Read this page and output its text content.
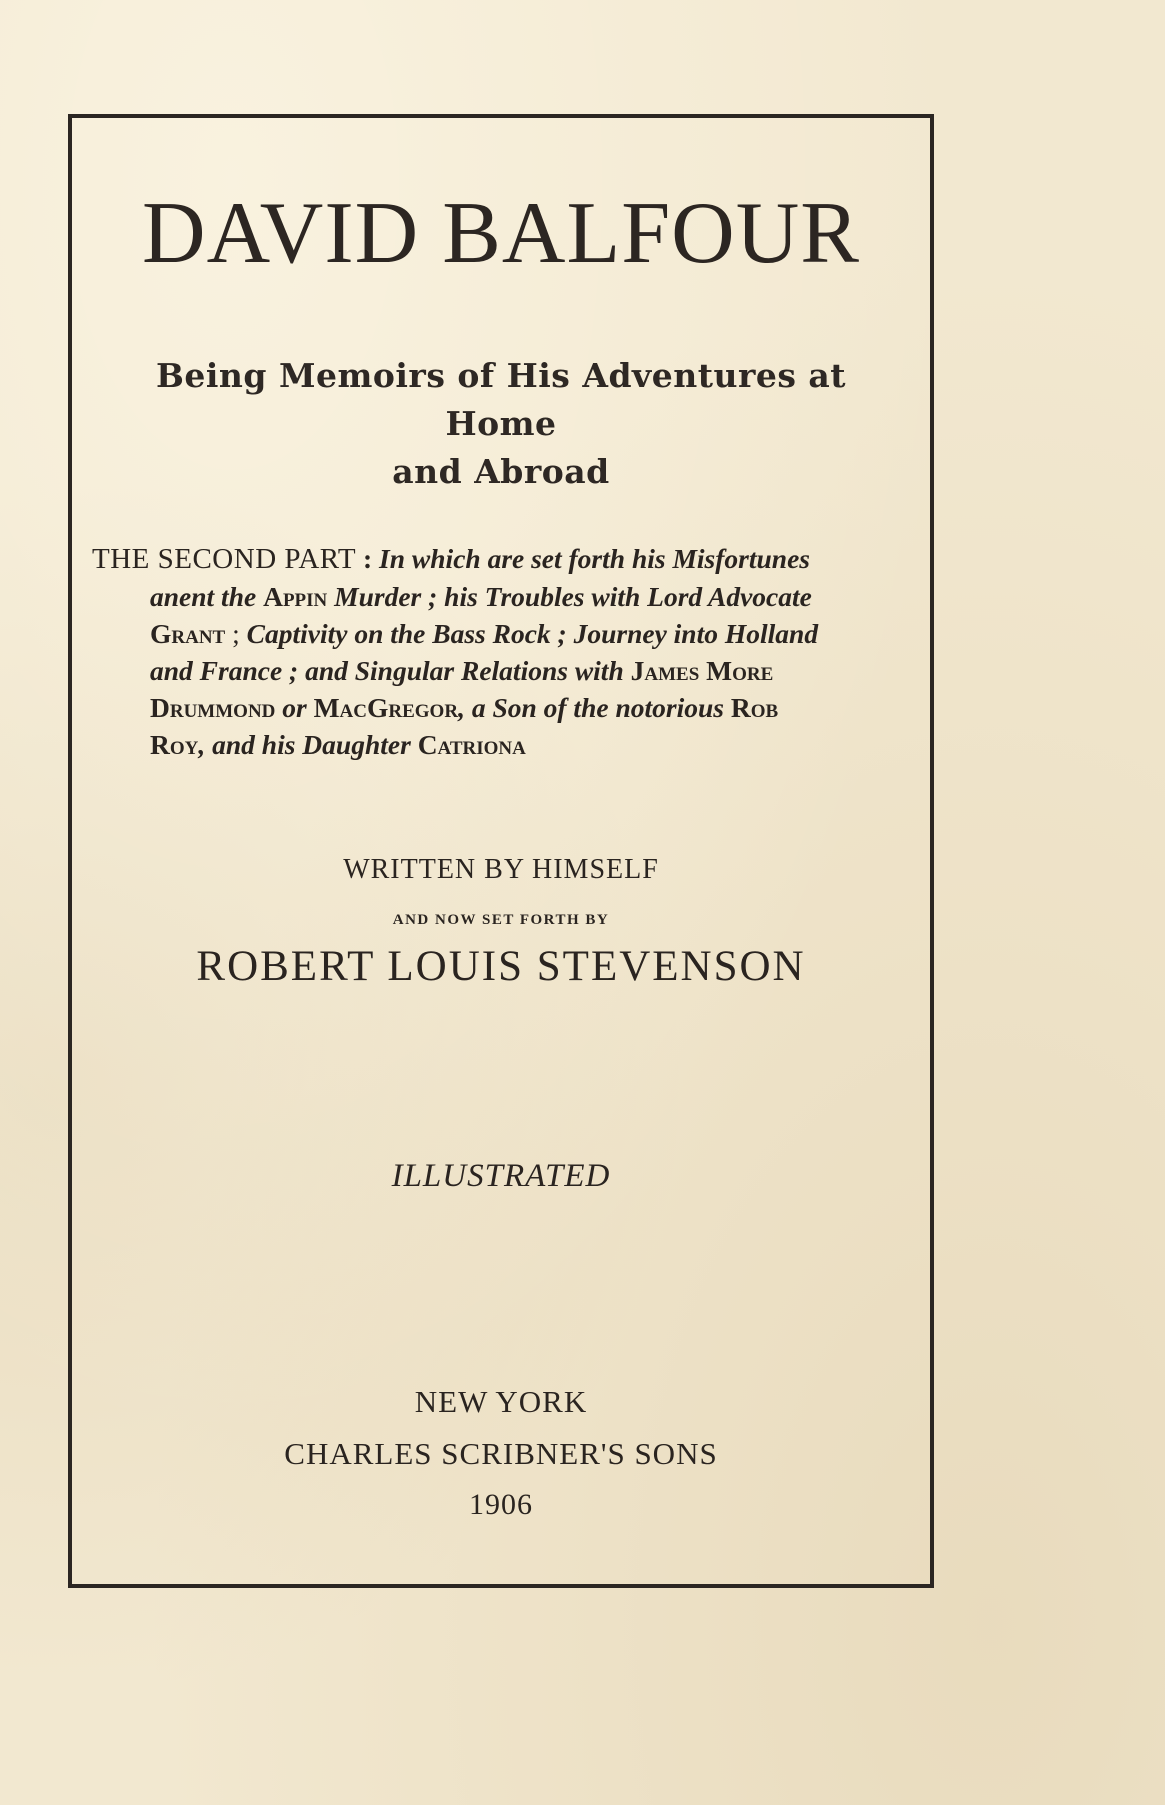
DAVID BALFOUR
Being Memoirs of His Adventures at Home
and Abroad
THE SECOND PART : In which are set forth his Misfortunes
anent the Appin Murder ; his Troubles with Lord Advocate
Grant ; Captivity on the Bass Rock ; Journey into Holland
and France ; and Singular Relations with James More
Drummond or MacGregor, a Son of the notorious Rob
Roy, and his Daughter Catriona
WRITTEN BY HIMSELF
AND NOW SET FORTH BY
ROBERT LOUIS STEVENSON
ILLUSTRATED
NEW YORK
CHARLES SCRIBNER'S SONS
1906
